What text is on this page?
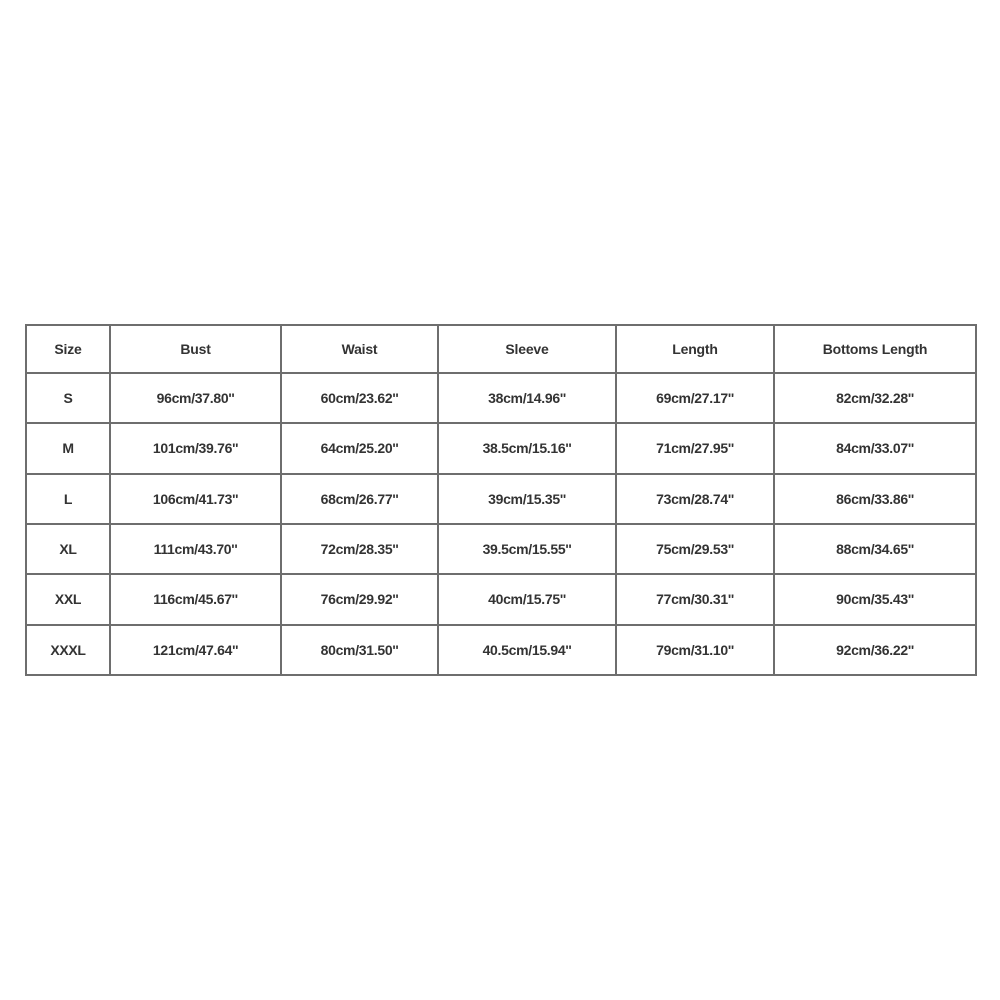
Size	Bust	Waist	Sleeve	Length	Bottoms Length
S	96cm/37.80''	60cm/23.62''	38cm/14.96''	69cm/27.17''	82cm/32.28''
M	101cm/39.76''	64cm/25.20''	38.5cm/15.16''	71cm/27.95''	84cm/33.07''
L	106cm/41.73''	68cm/26.77''	39cm/15.35''	73cm/28.74''	86cm/33.86''
XL	111cm/43.70''	72cm/28.35''	39.5cm/15.55''	75cm/29.53''	88cm/34.65''
XXL	116cm/45.67''	76cm/29.92''	40cm/15.75''	77cm/30.31''	90cm/35.43''
XXXL	121cm/47.64''	80cm/31.50''	40.5cm/15.94''	79cm/31.10''	92cm/36.22''
